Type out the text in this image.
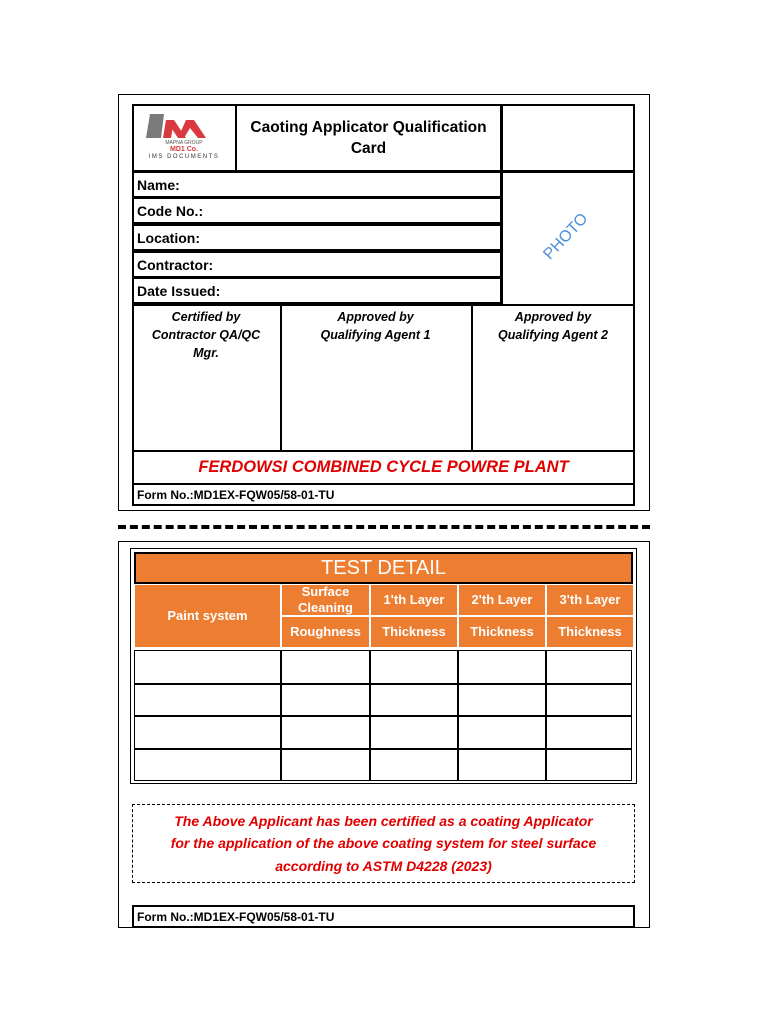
MAPNA GROUP
MD1 Co.
IMS DOCUMENTS
Caoting Applicator Qualification
Card
PHOTO
Name:
Code No.:
Location:
Contractor:
Date Issued:
Certified by
Contractor QA/QC
Mgr.
Approved by
Qualifying Agent 1
Approved by
Qualifying Agent 2
FERDOWSI COMBINED CYCLE POWRE PLANT
Form No.:MD1EX-FQW05/58-01-TU
TEST DETAIL
Paint system
Surface
Cleaning
1'th Layer 2'th Layer 3'th Layer
Roughness Thickness Thickness Thickness
The Above Applicant has been certified as a coating Applicator
for the application of the above coating system for steel surface
according to ASTM D4228 (2023)
Form No.:MD1EX-FQW05/58-01-TU
